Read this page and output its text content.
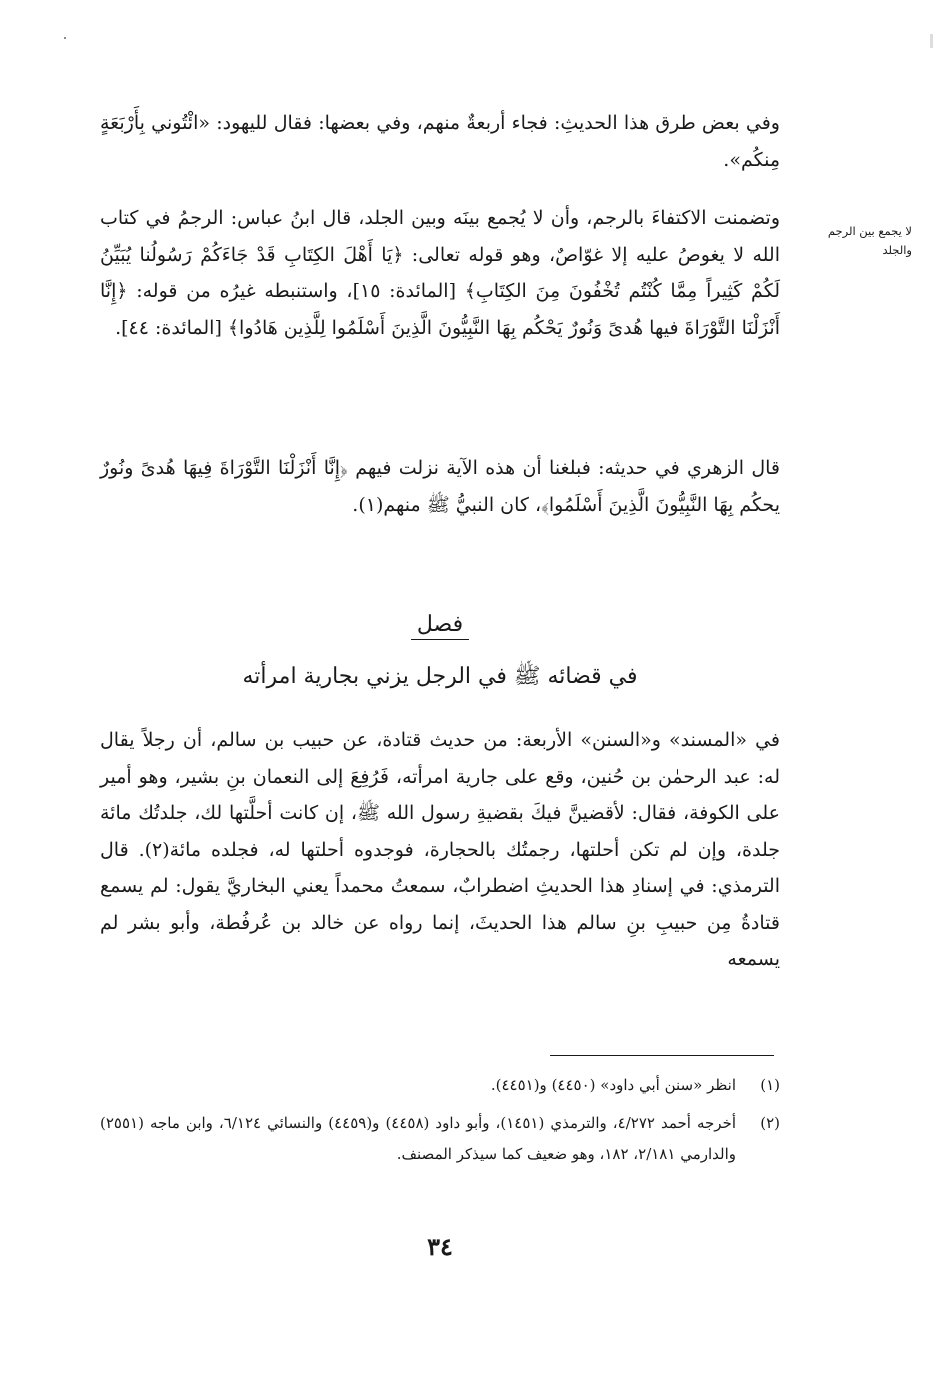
وفي بعض طرق هذا الحديثِ: فجاء أربعةٌ منهم، وفي بعضها: فقال لليهود: «ائْتُوني بِأَرْبَعَةٍ مِنكُم».

لا يجمع بين الرجم والجلد

وتضمنت الاكتفاءَ بالرجم، وأن لا يُجمع بينَه وبين الجلد، قال ابنُ عباس: الرجمُ في كتاب الله لا يغوصُ عليه إلا غوّاصٌ، وهو قوله تعالى: ﴿يَا أَهْلَ الكِتَابِ قَدْ جَاءَكُمْ رَسُولُنا يُبَيِّنُ لَكُمْ كَثِيراً مِمَّا كُنْتُم تُخْفُونَ مِنَ الكِتَابِ﴾ [المائدة: ١٥]، واستنبطه غيرُه من قوله: ﴿إِنَّا أَنْزَلْنَا التَّوْرَاةَ فيها هُدىً وَنُورٌ يَحْكُم بِهَا النَّبِيُّونَ الَّذِينَ أَسْلَمُوا لِلَّذِين هَادُوا﴾ [المائدة: ٤٤].

قال الزهري في حديثه: فبلغنا أن هذه الآية نزلت فيهم ﴿إِنَّا أَنْزَلْنَا التَّوْرَاةَ فِيهَا هُدىً ونُورٌ يحكُم بِهَا النَّبِيُّونَ الَّذِينَ أَسْلَمُوا﴾، كان النبيُّ ﷺ منهم(١).

فصل
في قضائه ﷺ في الرجل يزني بجارية امرأته

في «المسند» و«السنن» الأربعة: من حديث قتادة، عن حبيب بن سالم، أن رجلاً يقال له: عبد الرحمٰن بن حُنين، وقع على جارية امرأته، فَرُفِعَ إلى النعمان بنِ بشير، وهو أمير على الكوفة، فقال: لأقضينَّ فيكَ بقضيةِ رسول الله ﷺ، إن كانت أحلَّتها لك، جلدتُك مائة جلدة، وإن لم تكن أحلتها، رجمتُك بالحجارة، فوجدوه أحلتها له، فجلده مائة(٢). قال الترمذي: في إسنادِ هذا الحديثِ اضطرابٌ، سمعتُ محمداً يعني البخاريَّ يقول: لم يسمع قتادةُ مِن حبيبِ بنِ سالم هذا الحديثَ، إنما رواه عن خالد بن عُرفُطة، وأبو بشر لم يسمعه

(١)
انظر «سنن أبي داود» (٤٤٥٠) و(٤٤٥١).
(٢)
أخرجه أحمد ٤/٢٧٢، والترمذي (١٤٥١)، وأبو داود (٤٤٥٨) و(٤٤٥٩) والنسائي ٦/١٢٤، وابن ماجه (٢٥٥١) والدارمي ٢/١٨١، ١٨٢، وهو ضعيف كما سيذكر المصنف.
٣٤
